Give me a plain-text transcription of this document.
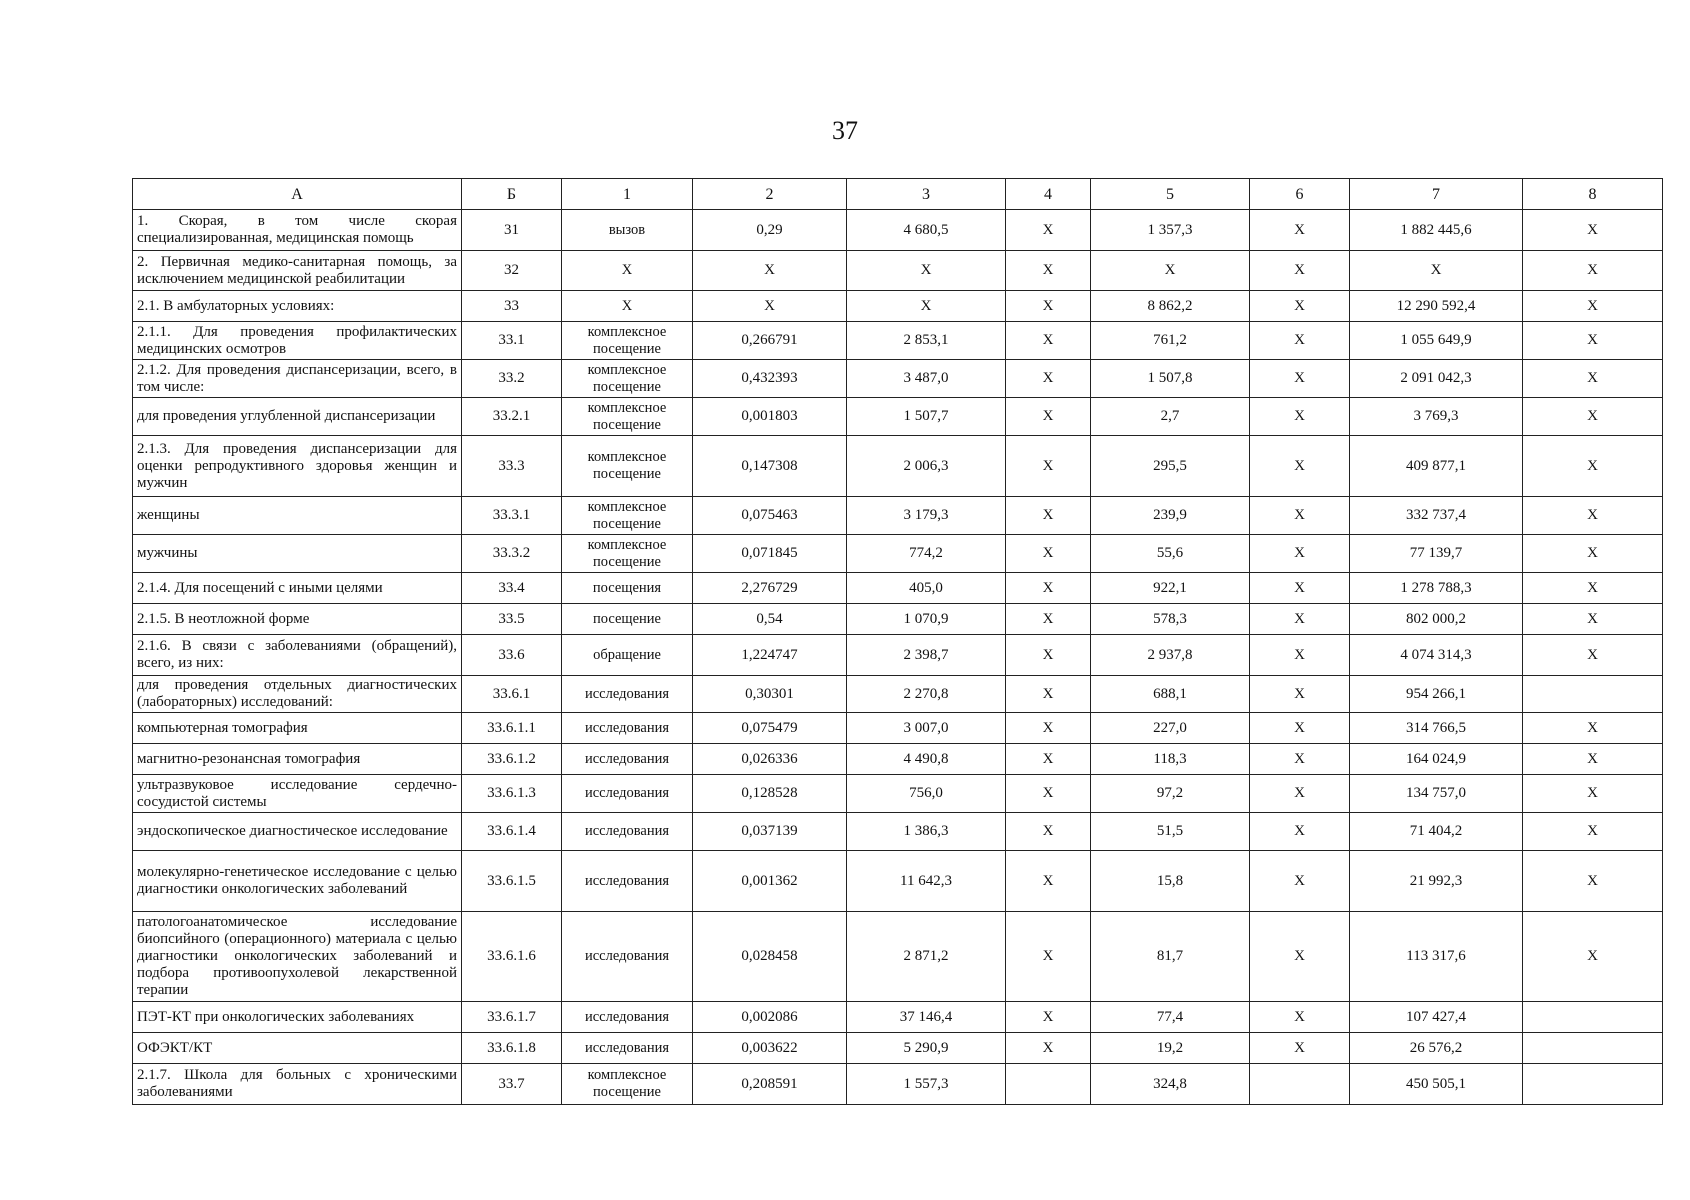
37
А	Б	1	2	3	4	5	6	7	8
1. Скорая, в том числе скорая специализированная, медицинская помощь	31	вызов	0,29	4 680,5	Х	1 357,3	Х	1 882 445,6	Х
2. Первичная медико-санитарная помощь, за исключением медицинской реабилитации	32	Х	Х	Х	Х	Х	Х	Х	Х
2.1. В амбулаторных условиях:	33	Х	Х	Х	Х	8 862,2	Х	12 290 592,4	Х
2.1.1. Для проведения профилактических медицинских осмотров	33.1	комплексное посещение	0,266791	2 853,1	Х	761,2	Х	1 055 649,9	Х
2.1.2. Для проведения диспансеризации, всего, в том числе:	33.2	комплексное посещение	0,432393	3 487,0	Х	1 507,8	Х	2 091 042,3	Х
для проведения углубленной диспансеризации	33.2.1	комплексное посещение	0,001803	1 507,7	Х	2,7	Х	3 769,3	Х
2.1.3. Для проведения диспансеризации для оценки репродуктивного здоровья женщин и мужчин	33.3	комплексное посещение	0,147308	2 006,3	Х	295,5	Х	409 877,1	Х
женщины	33.3.1	комплексное посещение	0,075463	3 179,3	Х	239,9	Х	332 737,4	Х
мужчины	33.3.2	комплексное посещение	0,071845	774,2	Х	55,6	Х	77 139,7	Х
2.1.4. Для посещений с иными целями	33.4	посещения	2,276729	405,0	Х	922,1	Х	1 278 788,3	Х
2.1.5. В неотложной форме	33.5	посещение	0,54	1 070,9	Х	578,3	Х	802 000,2	Х
2.1.6. В связи с заболеваниями (обращений), всего, из них:	33.6	обращение	1,224747	2 398,7	Х	2 937,8	Х	4 074 314,3	Х
для проведения отдельных диагностических (лабораторных) исследований:	33.6.1	исследования	0,30301	2 270,8	Х	688,1	Х	954 266,1	
компьютерная томография	33.6.1.1	исследования	0,075479	3 007,0	Х	227,0	Х	314 766,5	Х
магнитно-резонансная томография	33.6.1.2	исследования	0,026336	4 490,8	Х	118,3	Х	164 024,9	Х
ультразвуковое исследование сердечно-сосудистой системы	33.6.1.3	исследования	0,128528	756,0	Х	97,2	Х	134 757,0	Х
эндоскопическое диагностическое исследование	33.6.1.4	исследования	0,037139	1 386,3	Х	51,5	Х	71 404,2	Х
молекулярно-генетическое исследование с целью диагностики онкологических заболеваний	33.6.1.5	исследования	0,001362	11 642,3	Х	15,8	Х	21 992,3	Х
патологоанатомическое исследование биопсийного (операционного) материала с целью диагностики онкологических заболеваний и подбора противоопухолевой лекарственной терапии	33.6.1.6	исследования	0,028458	2 871,2	Х	81,7	Х	113 317,6	Х
ПЭТ-КТ при онкологических заболеваниях	33.6.1.7	исследования	0,002086	37 146,4	Х	77,4	Х	107 427,4	
ОФЭКТ/КТ	33.6.1.8	исследования	0,003622	5 290,9	Х	19,2	Х	26 576,2	
2.1.7. Школа для больных с хроническими заболеваниями	33.7	комплексное посещение	0,208591	1 557,3		324,8		450 505,1	
